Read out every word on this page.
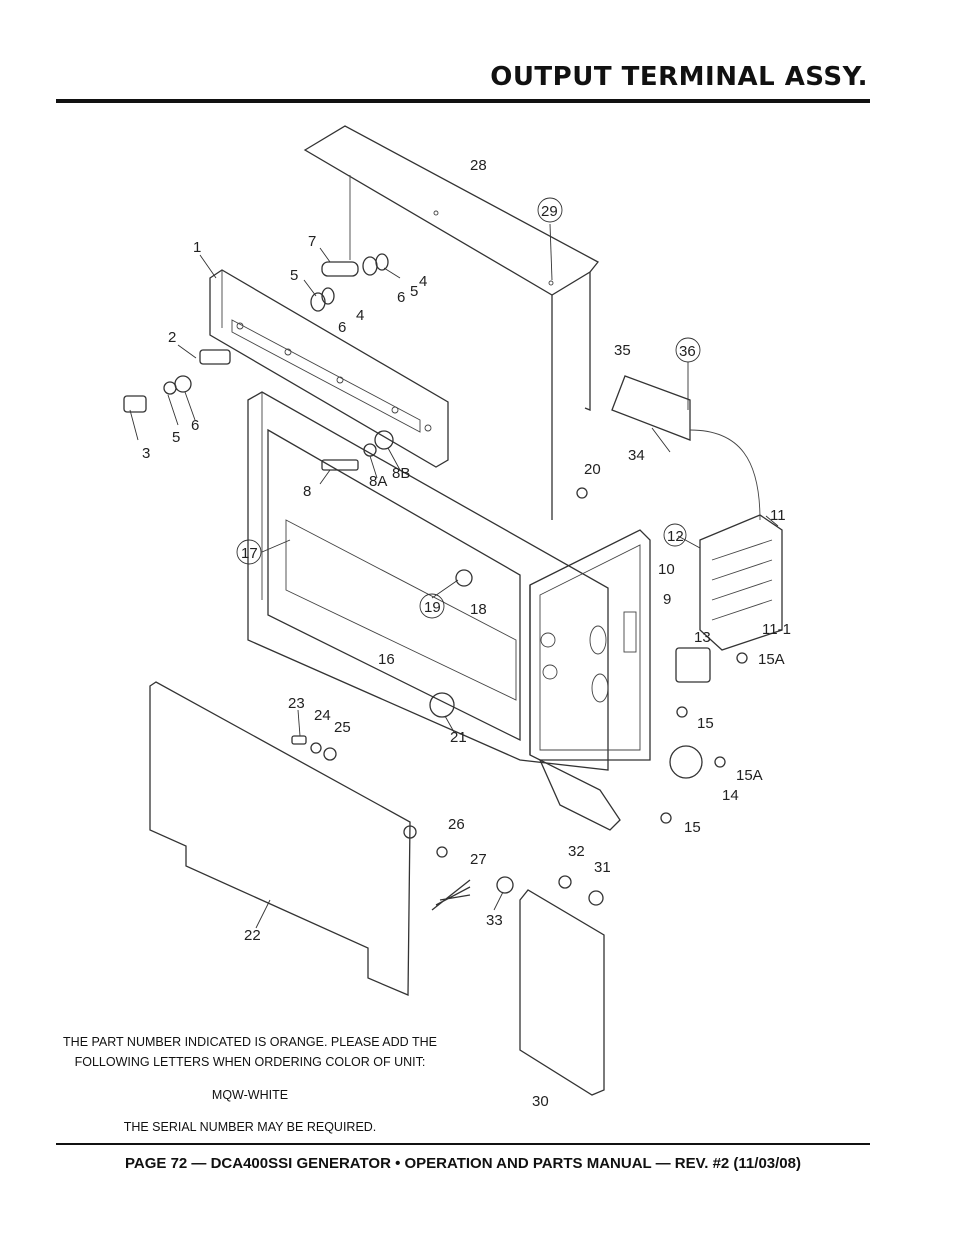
OUTPUT TERMINAL ASSY.
1
2
3
4
4
5
5
5
6
6
6
7
8
8A 8B
9
10
11
11-1
12
13
14
15
15
15A
15A
16
17
18
19
20
21
22
23
24
25
26
27
28
29
30
31
32
33
34
35	36
THE PART NUMBER INDICATED IS ORANGE. PLEASE ADD THE
FOLLOWING LETTERS WHEN ORDERING COLOR OF UNIT:
MQW-WHITE
THE SERIAL NUMBER MAY BE REQUIRED.
PAGE 72 — DCA400SSI GENERATOR • OPERATION AND PARTS MANUAL — REV. #2 (11/03/08)
